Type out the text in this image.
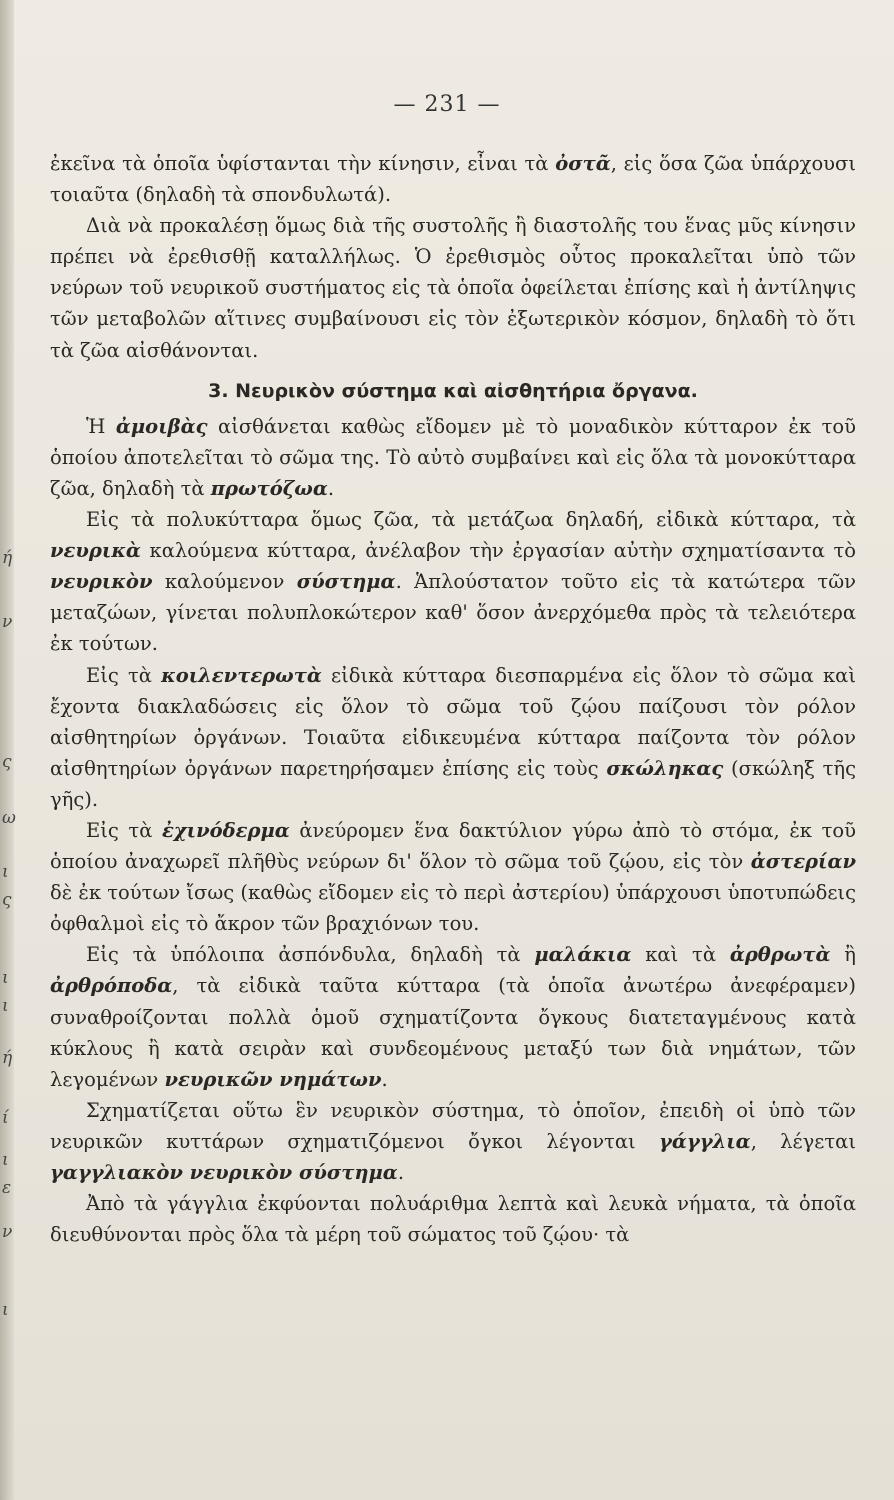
ι
ν
ε
ι
ί
ή
ι
ι
ς
ι
ω
ς
ν
ή
— 231 —

ἐκεῖνα τὰ ὁποῖα ὑφίστανται τὴν κίνησιν, εἶναι τὰ ὀστᾶ, εἰς ὅσα ζῶα ὑπάρχουσι τοιαῦτα (δηλαδὴ τὰ σπονδυλωτά).

Διὰ νὰ προκαλέσῃ ὅμως διὰ τῆς συστολῆς ἢ διαστολῆς του ἕνας μῦς κίνησιν πρέπει νὰ ἐρεθισθῇ καταλλήλως. Ὁ ἐρεθισμὸς οὗτος προκαλεῖται ὑπὸ τῶν νεύρων τοῦ νευρικοῦ συστήματος εἰς τὰ ὁποῖα ὀφείλεται ἐπίσης καὶ ἡ ἀντίληψις τῶν μεταβολῶν αἵτινες συμβαίνουσι εἰς τὸν ἐξωτερικὸν κόσμον, δηλαδὴ τὸ ὅτι τὰ ζῶα αἰσθάνονται.

3. Νευρικὸν σύστημα καὶ αἰσθητήρια ὄργανα.

Ἡ ἀμοιβὰς αἰσθάνεται καθὼς εἴδομεν μὲ τὸ μοναδικὸν κύτταρον ἐκ τοῦ ὁποίου ἀποτελεῖται τὸ σῶμα της. Τὸ αὐτὸ συμβαίνει καὶ εἰς ὅλα τὰ μονοκύτταρα ζῶα, δηλαδὴ τὰ πρωτόζωα.

Εἰς τὰ πολυκύτταρα ὅμως ζῶα, τὰ μετάζωα δηλαδή, εἰδικὰ κύτταρα, τὰ νευρικὰ καλούμενα κύτταρα, ἀνέλαβον τὴν ἐργασίαν αὐτὴν σχηματίσαντα τὸ νευρικὸν καλούμενον σύστημα. Ἁπλούστατον τοῦτο εἰς τὰ κατώτερα τῶν μεταζώων, γίνεται πολυπλοκώτερον καθ' ὅσον ἀνερχόμεθα πρὸς τὰ τελειότερα ἐκ τούτων.

Εἰς τὰ κοιλεντερωτὰ εἰδικὰ κύτταρα διεσπαρμένα εἰς ὅλον τὸ σῶμα καὶ ἔχοντα διακλαδώσεις εἰς ὅλον τὸ σῶμα τοῦ ζῴου παίζουσι τὸν ρόλον αἰσθητηρίων ὀργάνων. Τοιαῦτα εἰδικευμένα κύτταρα παίζοντα τὸν ρόλον αἰσθητηρίων ὀργάνων παρετηρήσαμεν ἐπίσης εἰς τοὺς σκώληκας (σκώληξ τῆς γῆς).

Εἰς τὰ ἐχινόδερμα ἀνεύρομεν ἕνα δακτύλιον γύρω ἀπὸ τὸ στόμα, ἐκ τοῦ ὁποίου ἀναχωρεῖ πλῆθὺς νεύρων δι' ὅλον τὸ σῶμα τοῦ ζῴου, εἰς τὸν ἀστερίαν δὲ ἐκ τούτων ἴσως (καθὼς εἴδομεν εἰς τὸ περὶ ἀστερίου) ὑπάρχουσι ὑποτυπώδεις ὀφθαλμοὶ εἰς τὸ ἄκρον τῶν βραχιόνων του.

Εἰς τὰ ὑπόλοιπα ἀσπόνδυλα, δηλαδὴ τὰ μαλάκια καὶ τὰ ἀρθρωτὰ ἢ ἀρθρόποδα, τὰ εἰδικὰ ταῦτα κύτταρα (τὰ ὁποῖα ἀνωτέρω ἀνεφέραμεν) συναθροίζονται πολλὰ ὁμοῦ σχηματίζοντα ὄγκους διατεταγμένους κατὰ κύκλους ἢ κατὰ σειρὰν καὶ συνδεομένους μεταξύ των διὰ νημάτων, τῶν λεγομένων νευρικῶν νημάτων.

Σχηματίζεται οὕτω ἓν νευρικὸν σύστημα, τὸ ὁποῖον, ἐπειδὴ οἱ ὑπὸ τῶν νευρικῶν κυττάρων σχηματιζόμενοι ὄγκοι λέγονται γάγγλια, λέγεται γαγγλιακὸν νευρικὸν σύστημα.

Ἀπὸ τὰ γάγγλια ἐκφύονται πολυάριθμα λεπτὰ καὶ λευκὰ νήματα, τὰ ὁποῖα διευθύνονται πρὸς ὅλα τὰ μέρη τοῦ σώματος τοῦ ζῴου· τὰ
